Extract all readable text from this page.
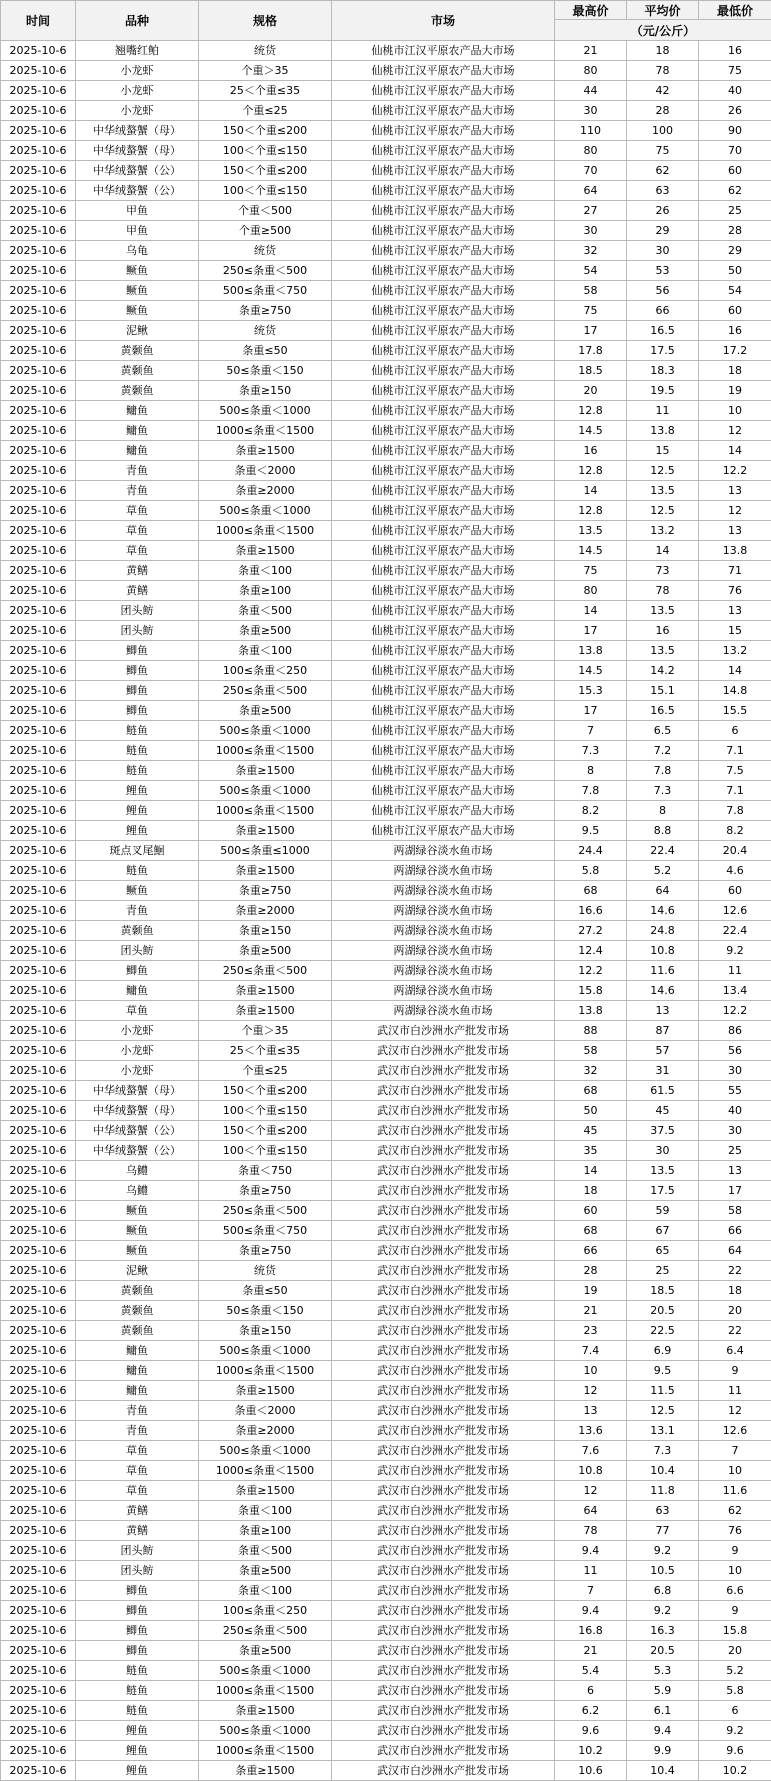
时间	品种	规格	市场	最高价	平均价	最低价
				（元/公斤）		
2025-10-6	翘嘴红鲌	统货	仙桃市江汉平原农产品大市场	21	18	16
2025-10-6	小龙虾	个重＞35	仙桃市江汉平原农产品大市场	80	78	75
2025-10-6	小龙虾	25＜个重≤35	仙桃市江汉平原农产品大市场	44	42	40
2025-10-6	小龙虾	个重≤25	仙桃市江汉平原农产品大市场	30	28	26
2025-10-6	中华绒螯蟹（母）	150＜个重≤200	仙桃市江汉平原农产品大市场	110	100	90
2025-10-6	中华绒螯蟹（母）	100＜个重≤150	仙桃市江汉平原农产品大市场	80	75	70
2025-10-6	中华绒螯蟹（公）	150＜个重≤200	仙桃市江汉平原农产品大市场	70	62	60
2025-10-6	中华绒螯蟹（公）	100＜个重≤150	仙桃市江汉平原农产品大市场	64	63	62
2025-10-6	甲鱼	个重＜500	仙桃市江汉平原农产品大市场	27	26	25
2025-10-6	甲鱼	个重≥500	仙桃市江汉平原农产品大市场	30	29	28
2025-10-6	乌龟	统货	仙桃市江汉平原农产品大市场	32	30	29
2025-10-6	鳜鱼	250≤条重＜500	仙桃市江汉平原农产品大市场	54	53	50
2025-10-6	鳜鱼	500≤条重＜750	仙桃市江汉平原农产品大市场	58	56	54
2025-10-6	鳜鱼	条重≥750	仙桃市江汉平原农产品大市场	75	66	60
2025-10-6	泥鳅	统货	仙桃市江汉平原农产品大市场	17	16.5	16
2025-10-6	黄颡鱼	条重≤50	仙桃市江汉平原农产品大市场	17.8	17.5	17.2
2025-10-6	黄颡鱼	50≤条重＜150	仙桃市江汉平原农产品大市场	18.5	18.3	18
2025-10-6	黄颡鱼	条重≥150	仙桃市江汉平原农产品大市场	20	19.5	19
2025-10-6	鳙鱼	500≤条重＜1000	仙桃市江汉平原农产品大市场	12.8	11	10
2025-10-6	鳙鱼	1000≤条重＜1500	仙桃市江汉平原农产品大市场	14.5	13.8	12
2025-10-6	鳙鱼	条重≥1500	仙桃市江汉平原农产品大市场	16	15	14
2025-10-6	青鱼	条重＜2000	仙桃市江汉平原农产品大市场	12.8	12.5	12.2
2025-10-6	青鱼	条重≥2000	仙桃市江汉平原农产品大市场	14	13.5	13
2025-10-6	草鱼	500≤条重＜1000	仙桃市江汉平原农产品大市场	12.8	12.5	12
2025-10-6	草鱼	1000≤条重＜1500	仙桃市江汉平原农产品大市场	13.5	13.2	13
2025-10-6	草鱼	条重≥1500	仙桃市江汉平原农产品大市场	14.5	14	13.8
2025-10-6	黄鳝	条重＜100	仙桃市江汉平原农产品大市场	75	73	71
2025-10-6	黄鳝	条重≥100	仙桃市江汉平原农产品大市场	80	78	76
2025-10-6	团头鲂	条重＜500	仙桃市江汉平原农产品大市场	14	13.5	13
2025-10-6	团头鲂	条重≥500	仙桃市江汉平原农产品大市场	17	16	15
2025-10-6	鲫鱼	条重＜100	仙桃市江汉平原农产品大市场	13.8	13.5	13.2
2025-10-6	鲫鱼	100≤条重＜250	仙桃市江汉平原农产品大市场	14.5	14.2	14
2025-10-6	鲫鱼	250≤条重＜500	仙桃市江汉平原农产品大市场	15.3	15.1	14.8
2025-10-6	鲫鱼	条重≥500	仙桃市江汉平原农产品大市场	17	16.5	15.5
2025-10-6	鲢鱼	500≤条重＜1000	仙桃市江汉平原农产品大市场	7	6.5	6
2025-10-6	鲢鱼	1000≤条重＜1500	仙桃市江汉平原农产品大市场	7.3	7.2	7.1
2025-10-6	鲢鱼	条重≥1500	仙桃市江汉平原农产品大市场	8	7.8	7.5
2025-10-6	鲤鱼	500≤条重＜1000	仙桃市江汉平原农产品大市场	7.8	7.3	7.1
2025-10-6	鲤鱼	1000≤条重＜1500	仙桃市江汉平原农产品大市场	8.2	8	7.8
2025-10-6	鲤鱼	条重≥1500	仙桃市江汉平原农产品大市场	9.5	8.8	8.2
2025-10-6	斑点叉尾鮰	500≤条重≤1000	两湖绿谷淡水鱼市场	24.4	22.4	20.4
2025-10-6	鲢鱼	条重≥1500	两湖绿谷淡水鱼市场	5.8	5.2	4.6
2025-10-6	鳜鱼	条重≥750	两湖绿谷淡水鱼市场	68	64	60
2025-10-6	青鱼	条重≥2000	两湖绿谷淡水鱼市场	16.6	14.6	12.6
2025-10-6	黄颡鱼	条重≥150	两湖绿谷淡水鱼市场	27.2	24.8	22.4
2025-10-6	团头鲂	条重≥500	两湖绿谷淡水鱼市场	12.4	10.8	9.2
2025-10-6	鲫鱼	250≤条重＜500	两湖绿谷淡水鱼市场	12.2	11.6	11
2025-10-6	鳙鱼	条重≥1500	两湖绿谷淡水鱼市场	15.8	14.6	13.4
2025-10-6	草鱼	条重≥1500	两湖绿谷淡水鱼市场	13.8	13	12.2
2025-10-6	小龙虾	个重＞35	武汉市白沙洲水产批发市场	88	87	86
2025-10-6	小龙虾	25＜个重≤35	武汉市白沙洲水产批发市场	58	57	56
2025-10-6	小龙虾	个重≤25	武汉市白沙洲水产批发市场	32	31	30
2025-10-6	中华绒螯蟹（母）	150＜个重≤200	武汉市白沙洲水产批发市场	68	61.5	55
2025-10-6	中华绒螯蟹（母）	100＜个重≤150	武汉市白沙洲水产批发市场	50	45	40
2025-10-6	中华绒螯蟹（公）	150＜个重≤200	武汉市白沙洲水产批发市场	45	37.5	30
2025-10-6	中华绒螯蟹（公）	100＜个重≤150	武汉市白沙洲水产批发市场	35	30	25
2025-10-6	乌鳢	条重＜750	武汉市白沙洲水产批发市场	14	13.5	13
2025-10-6	乌鳢	条重≥750	武汉市白沙洲水产批发市场	18	17.5	17
2025-10-6	鳜鱼	250≤条重＜500	武汉市白沙洲水产批发市场	60	59	58
2025-10-6	鳜鱼	500≤条重＜750	武汉市白沙洲水产批发市场	68	67	66
2025-10-6	鳜鱼	条重≥750	武汉市白沙洲水产批发市场	66	65	64
2025-10-6	泥鳅	统货	武汉市白沙洲水产批发市场	28	25	22
2025-10-6	黄颡鱼	条重≤50	武汉市白沙洲水产批发市场	19	18.5	18
2025-10-6	黄颡鱼	50≤条重＜150	武汉市白沙洲水产批发市场	21	20.5	20
2025-10-6	黄颡鱼	条重≥150	武汉市白沙洲水产批发市场	23	22.5	22
2025-10-6	鳙鱼	500≤条重＜1000	武汉市白沙洲水产批发市场	7.4	6.9	6.4
2025-10-6	鳙鱼	1000≤条重＜1500	武汉市白沙洲水产批发市场	10	9.5	9
2025-10-6	鳙鱼	条重≥1500	武汉市白沙洲水产批发市场	12	11.5	11
2025-10-6	青鱼	条重＜2000	武汉市白沙洲水产批发市场	13	12.5	12
2025-10-6	青鱼	条重≥2000	武汉市白沙洲水产批发市场	13.6	13.1	12.6
2025-10-6	草鱼	500≤条重＜1000	武汉市白沙洲水产批发市场	7.6	7.3	7
2025-10-6	草鱼	1000≤条重＜1500	武汉市白沙洲水产批发市场	10.8	10.4	10
2025-10-6	草鱼	条重≥1500	武汉市白沙洲水产批发市场	12	11.8	11.6
2025-10-6	黄鳝	条重＜100	武汉市白沙洲水产批发市场	64	63	62
2025-10-6	黄鳝	条重≥100	武汉市白沙洲水产批发市场	78	77	76
2025-10-6	团头鲂	条重＜500	武汉市白沙洲水产批发市场	9.4	9.2	9
2025-10-6	团头鲂	条重≥500	武汉市白沙洲水产批发市场	11	10.5	10
2025-10-6	鲫鱼	条重＜100	武汉市白沙洲水产批发市场	7	6.8	6.6
2025-10-6	鲫鱼	100≤条重＜250	武汉市白沙洲水产批发市场	9.4	9.2	9
2025-10-6	鲫鱼	250≤条重＜500	武汉市白沙洲水产批发市场	16.8	16.3	15.8
2025-10-6	鲫鱼	条重≥500	武汉市白沙洲水产批发市场	21	20.5	20
2025-10-6	鲢鱼	500≤条重＜1000	武汉市白沙洲水产批发市场	5.4	5.3	5.2
2025-10-6	鲢鱼	1000≤条重＜1500	武汉市白沙洲水产批发市场	6	5.9	5.8
2025-10-6	鲢鱼	条重≥1500	武汉市白沙洲水产批发市场	6.2	6.1	6
2025-10-6	鲤鱼	500≤条重＜1000	武汉市白沙洲水产批发市场	9.6	9.4	9.2
2025-10-6	鲤鱼	1000≤条重＜1500	武汉市白沙洲水产批发市场	10.2	9.9	9.6
2025-10-6	鲤鱼	条重≥1500	武汉市白沙洲水产批发市场	10.6	10.4	10.2
